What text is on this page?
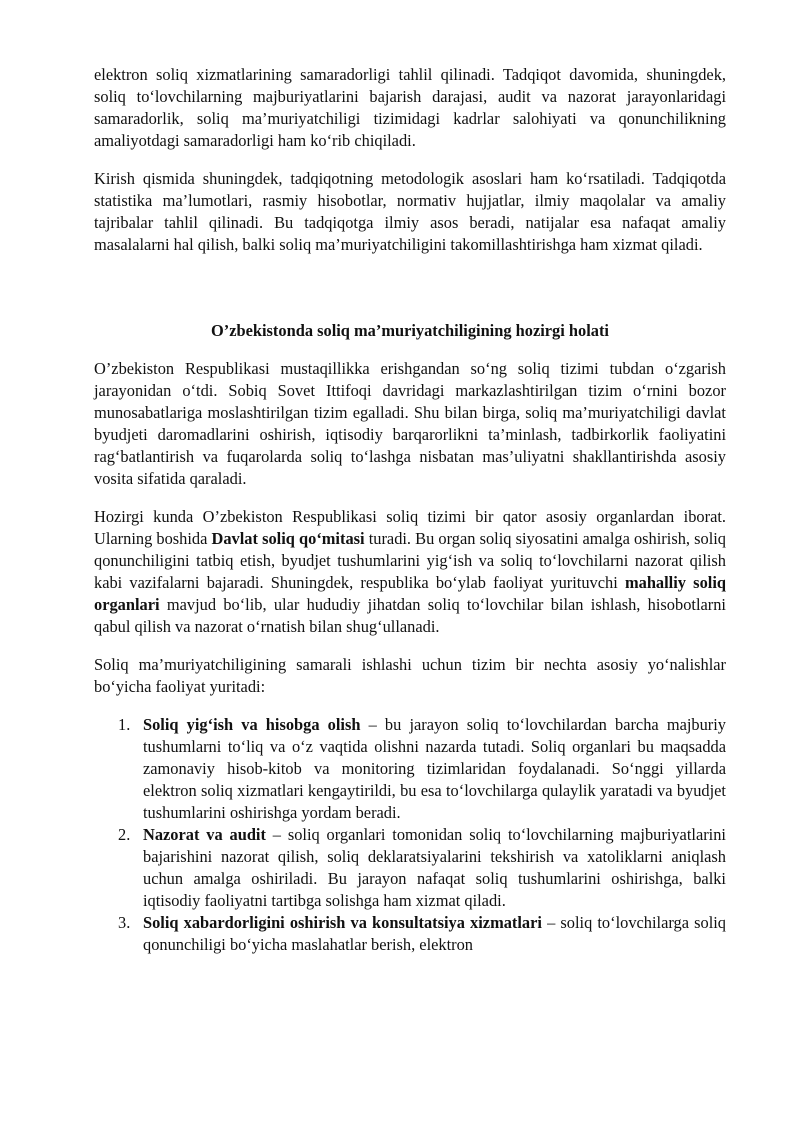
elektron soliq xizmatlarining samaradorligi tahlil qilinadi. Tadqiqot davomida, shuningdek, soliq to‘lovchilarning majburiyatlarini bajarish darajasi, audit va nazorat jarayonlaridagi samaradorlik, soliq ma’muriyatchiligi tizimidagi kadrlar salohiyati va qonunchilikning amaliyotdagi samaradorligi ham ko‘rib chiqiladi.

Kirish qismida shuningdek, tadqiqotning metodologik asoslari ham ko‘rsatiladi. Tadqiqotda statistika ma’lumotlari, rasmiy hisobotlar, normativ hujjatlar, ilmiy maqolalar va amaliy tajribalar tahlil qilinadi. Bu tadqiqotga ilmiy asos beradi, natijalar esa nafaqat amaliy masalalarni hal qilish, balki soliq ma’muriyatchiligini takomillashtirishga ham xizmat qiladi.

O’zbekistonda soliq ma’muriyatchiligining hozirgi holati

O’zbekiston Respublikasi mustaqillikka erishgandan so‘ng soliq tizimi tubdan o‘zgarish jarayonidan o‘tdi. Sobiq Sovet Ittifoqi davridagi markazlashtirilgan tizim o‘rnini bozor munosabatlariga moslashtirilgan tizim egalladi. Shu bilan birga, soliq ma’muriyatchiligi davlat byudjeti daromadlarini oshirish, iqtisodiy barqarorlikni ta’minlash, tadbirkorlik faoliyatini rag‘batlantirish va fuqarolarda soliq to‘lashga nisbatan mas’uliyatni shakllantirishda asosiy vosita sifatida qaraladi.

Hozirgi kunda O’zbekiston Respublikasi soliq tizimi bir qator asosiy organlardan iborat. Ularning boshida Davlat soliq qo‘mitasi turadi. Bu organ soliq siyosatini amalga oshirish, soliq qonunchiligini tatbiq etish, byudjet tushumlarini yig‘ish va soliq to‘lovchilarni nazorat qilish kabi vazifalarni bajaradi. Shuningdek, respublika bo‘ylab faoliyat yurituvchi mahalliy soliq organlari mavjud bo‘lib, ular hududiy jihatdan soliq to‘lovchilar bilan ishlash, hisobotlarni qabul qilish va nazorat o‘rnatish bilan shug‘ullanadi.

Soliq ma’muriyatchiligining samarali ishlashi uchun tizim bir nechta asosiy yo‘nalishlar bo‘yicha faoliyat yuritadi:

1. Soliq yig‘ish va hisobga olish – bu jarayon soliq to‘lovchilardan barcha majburiy tushumlarni to‘liq va o‘z vaqtida olishni nazarda tutadi. Soliq organlari bu maqsadda zamonaviy hisob-kitob va monitoring tizimlaridan foydalanadi. So‘nggi yillarda elektron soliq xizmatlari kengaytirildi, bu esa to‘lovchilarga qulaylik yaratadi va byudjet tushumlarini oshirishga yordam beradi.
2. Nazorat va audit – soliq organlari tomonidan soliq to‘lovchilarning majburiyatlarini bajarishini nazorat qilish, soliq deklaratsiyalarini tekshirish va xatoliklarni aniqlash uchun amalga oshiriladi. Bu jarayon nafaqat soliq tushumlarini oshirishga, balki iqtisodiy faoliyatni tartibga solishga ham xizmat qiladi.
3. Soliq xabardorligini oshirish va konsultatsiya xizmatlari – soliq to‘lovchilarga soliq qonunchiligi bo‘yicha maslahatlar berish, elektron
